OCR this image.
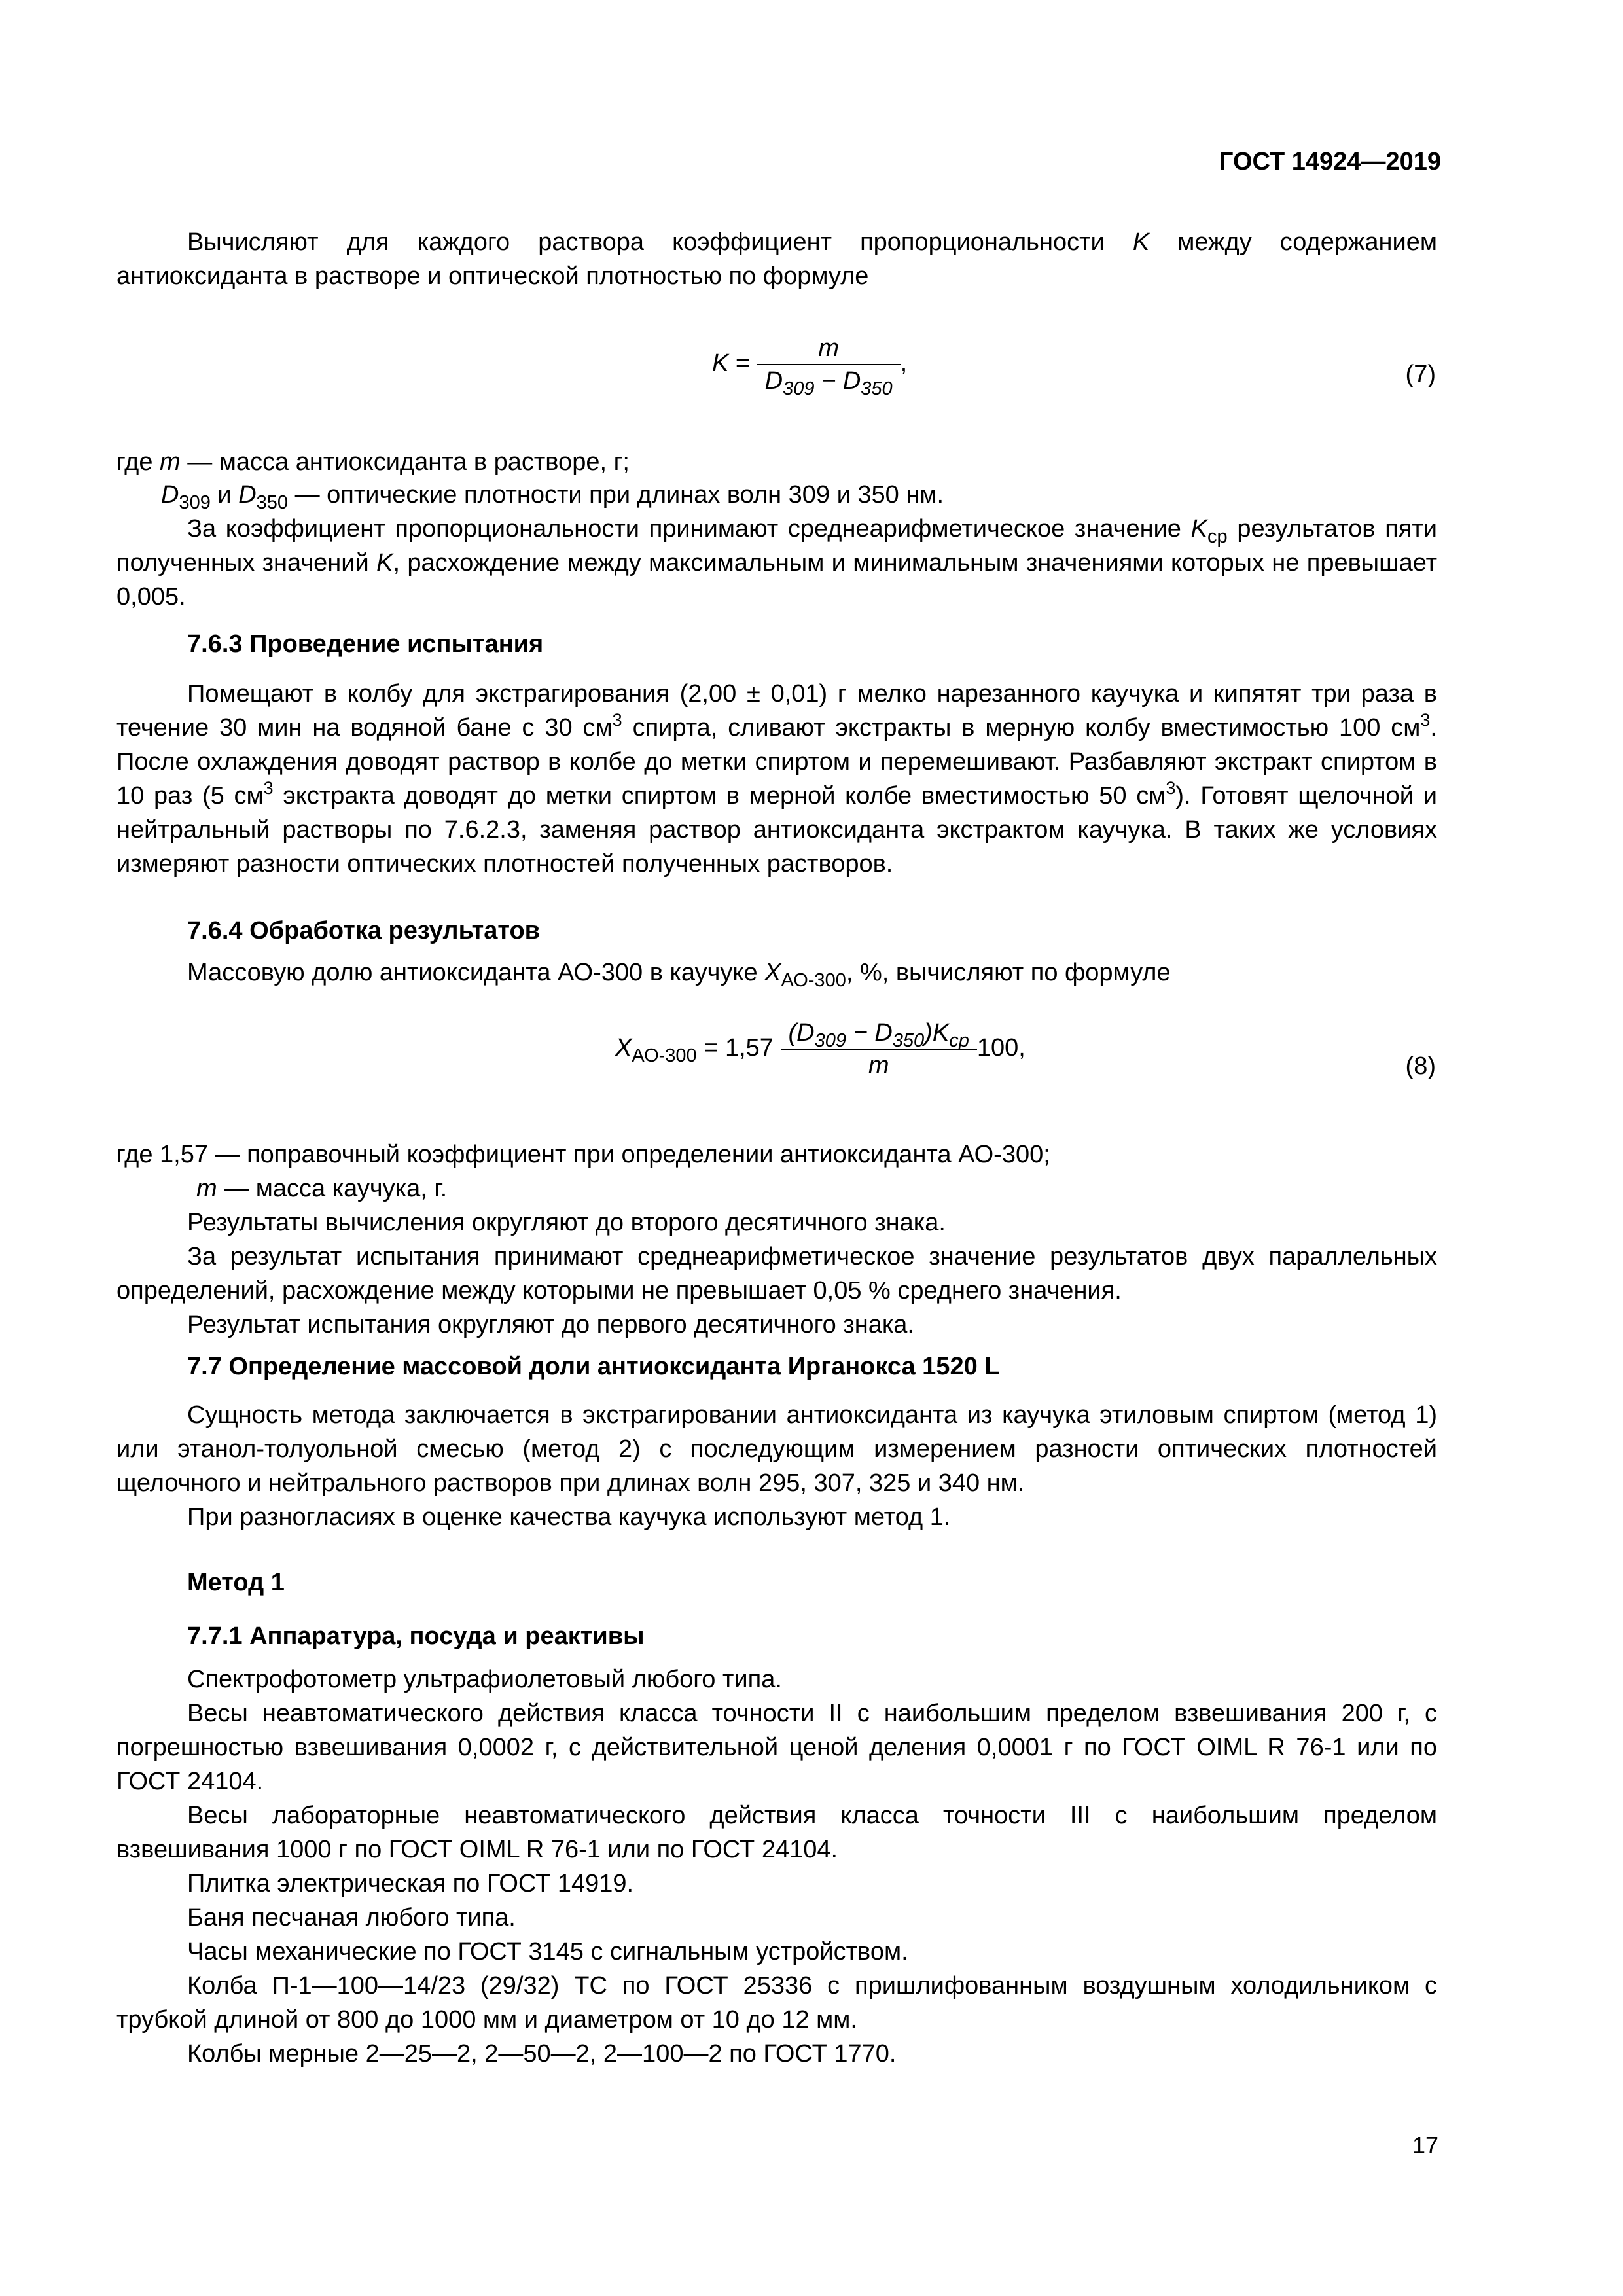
ГОСТ 14924—2019

Вычисляют для каждого раствора коэффициент пропорциональности K между содержанием антиоксиданта в растворе и оптической плотностью по формуле

$K = \frac{m}{D_{309} - D_{350}}$ ,	(7)

где m — масса антиоксиданта в растворе, г;

$D_{309}$ и $D_{350}$ — оптические плотности при длинах волн 309 и 350 нм.

За коэффициент пропорциональности принимают среднеарифметическое значение $K_{ср}$ результатов пяти полученных значений K, расхождение между максимальным и минимальным значениями которых не превышает 0,005.

7.6.3 Проведение испытания

Помещают в колбу для экстрагирования (2,00 ± 0,01) г мелко нарезанного каучука и кипятят три раза в течение 30 мин на водяной бане с 30 $см^3$ спирта, сливают экстракты в мерную колбу вместимостью 100 $см^3$. После охлаждения доводят раствор в колбе до метки спиртом и перемешивают. Разбавляют экстракт спиртом в 10 раз (5 $см^3$ экстракта доводят до метки спиртом в мерной колбе вместимостью 50 $см^3$). Готовят щелочной и нейтральный растворы по 7.6.2.3, заменяя раствор антиоксиданта экстрактом каучука. В таких же условиях измеряют разности оптических плотностей полученных растворов.

7.6.4 Обработка результатов

Массовую долю антиоксиданта АО-300 в каучуке $X_{АО-300}$, %, вычисляют по формуле

$X_{АО-300} = 1,57 \frac{(D_{309} - D_{350})K_{ср}}{m} 100$,
(8)

где 1,57 — поправочный коэффициент при определении антиоксиданта АО-300;

m — масса каучука, г.

Результаты вычисления округляют до второго десятичного знака.

За результат испытания принимают среднеарифметическое значение результатов двух параллельных определений, расхождение между которыми не превышает 0,05 % среднего значения.

Результат испытания округляют до первого десятичного знака.

7.7 Определение массовой доли антиоксиданта Ирганокса 1520 L

Сущность метода заключается в экстрагировании антиоксиданта из каучука этиловым спиртом (метод 1) или этанол-толуольной смесью (метод 2) с последующим измерением разности оптических плотностей щелочного и нейтрального растворов при длинах волн 295, 307, 325 и 340 нм.

При разногласиях в оценке качества каучука используют метод 1.

Метод 1

7.7.1 Аппаратура, посуда и реактивы

Спектрофотометр ультрафиолетовый любого типа.

Весы неавтоматического действия класса точности II с наибольшим пределом взвешивания 200 г, с погрешностью взвешивания 0,0002 г, с действительной ценой деления 0,0001 г по ГОСТ OIML R 76-1 или по ГОСТ 24104.

Весы лабораторные неавтоматического действия класса точности III с наибольшим пределом взвешивания 1000 г по ГОСТ OIML R 76-1 или по ГОСТ 24104.

Плитка электрическая по ГОСТ 14919.

Баня песчаная любого типа.

Часы механические по ГОСТ 3145 с сигнальным устройством.

Колба П-1—100—14/23 (29/32) ТС по ГОСТ 25336 с пришлифованным воздушным холодильником с трубкой длиной от 800 до 1000 мм и диаметром от 10 до 12 мм.

Колбы мерные 2—25—2, 2—50—2, 2—100—2 по ГОСТ 1770.

17
